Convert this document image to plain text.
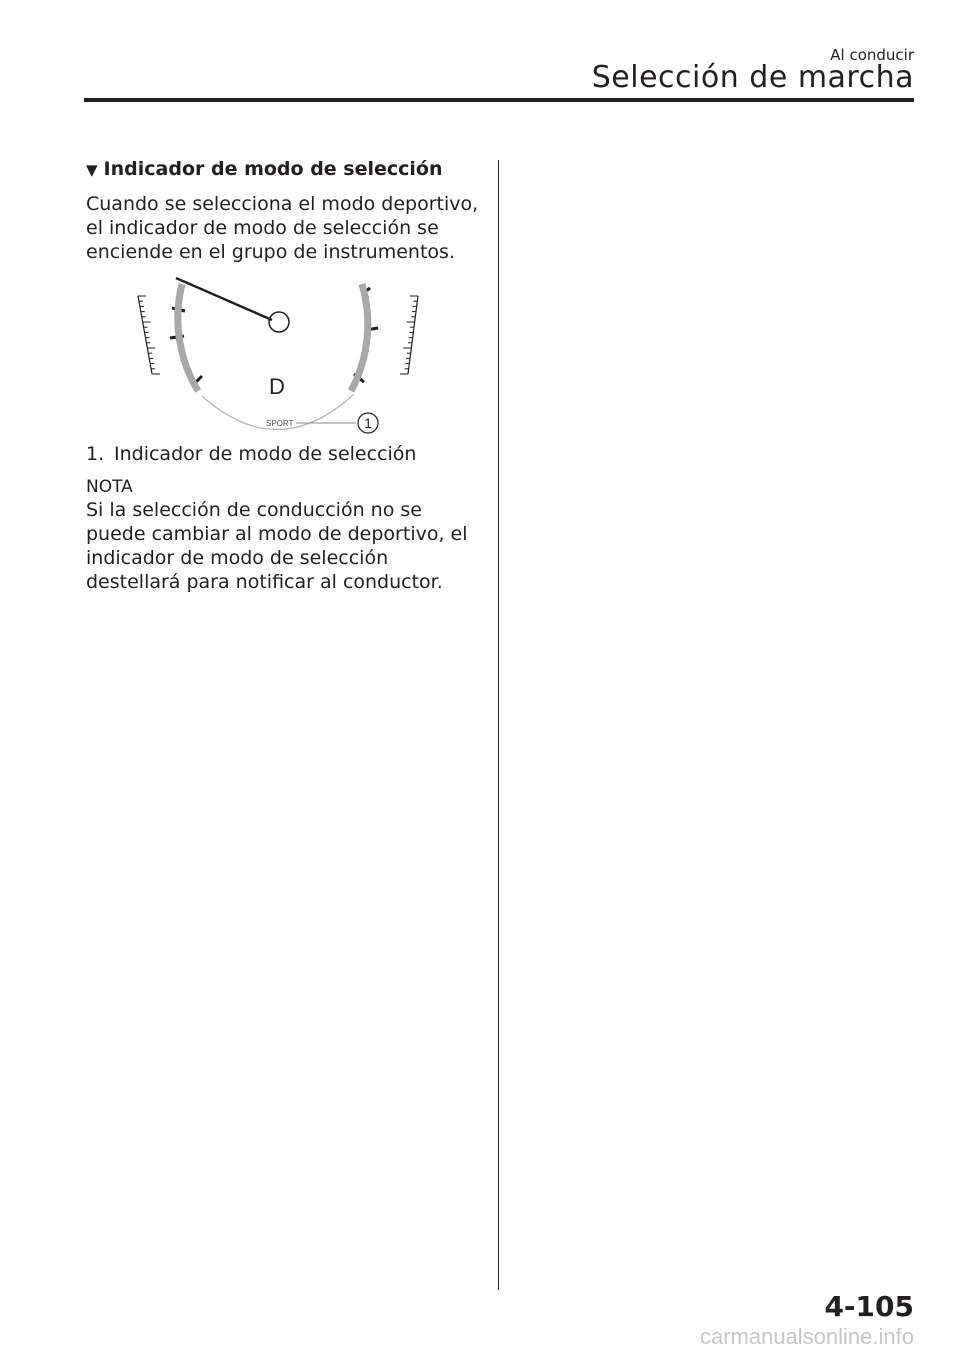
Al conducir
Selección de marcha
▼ Indicador de modo de selección

Cuando se selecciona el modo deportivo, el indicador de modo de selección se enciende en el grupo de instrumentos.

D
SPORT	1

1. Indicador de modo de selección

NOTA

Si la selección de conducción no se puede cambiar al modo de deportivo, el indicador de modo de selección destellará para notificar al conductor.

4-105
carmanualsonline.info
